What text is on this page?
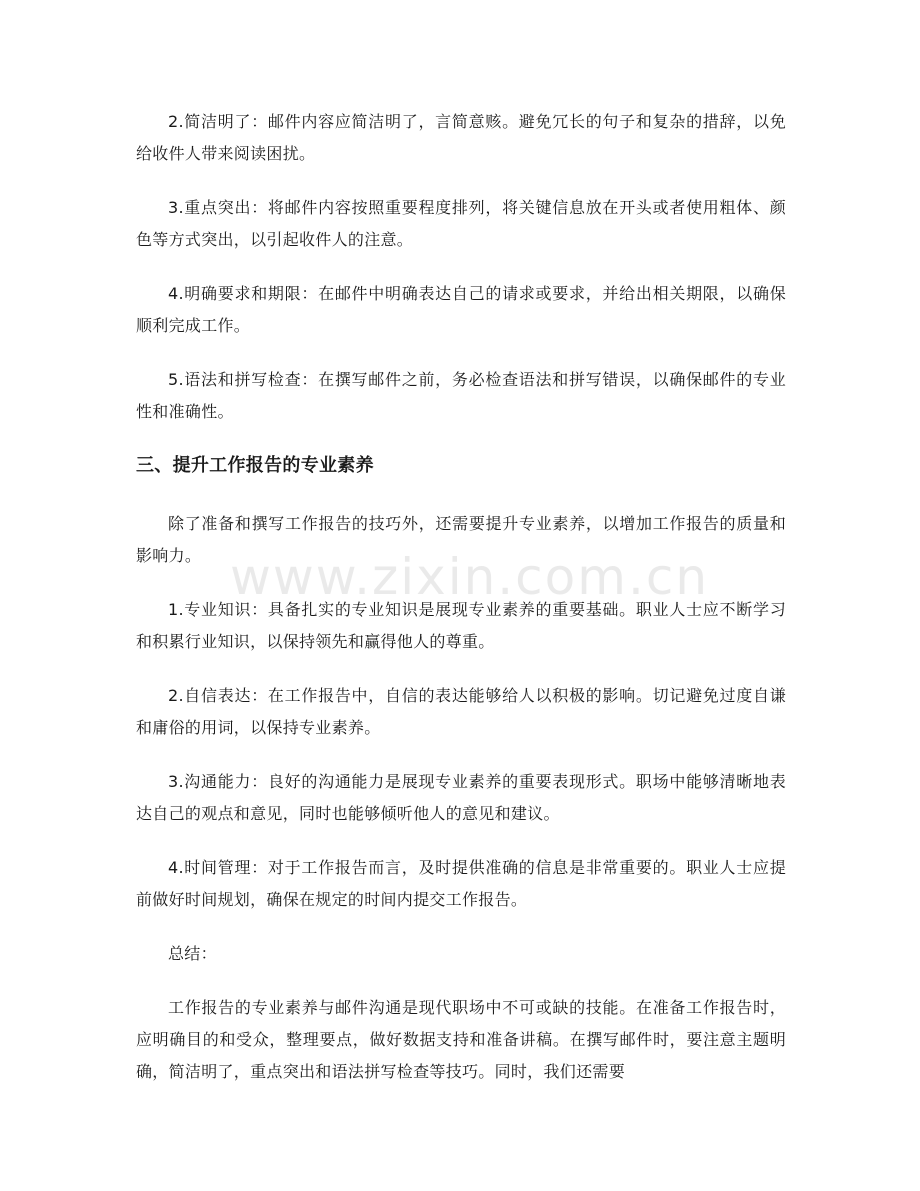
2.简洁明了：邮件内容应简洁明了，言简意赅。避免冗长的句子和复杂的措辞，以免给收件人带来阅读困扰。

3.重点突出：将邮件内容按照重要程度排列，将关键信息放在开头或者使用粗体、颜色等方式突出，以引起收件人的注意。

4.明确要求和期限：在邮件中明确表达自己的请求或要求，并给出相关期限，以确保顺利完成工作。

5.语法和拼写检查：在撰写邮件之前，务必检查语法和拼写错误，以确保邮件的专业性和准确性。

三、提升工作报告的专业素养

除了准备和撰写工作报告的技巧外，还需要提升专业素养，以增加工作报告的质量和影响力。

1.专业知识：具备扎实的专业知识是展现专业素养的重要基础。职业人士应不断学习和积累行业知识，以保持领先和赢得他人的尊重。

2.自信表达：在工作报告中，自信的表达能够给人以积极的影响。切记避免过度自谦和庸俗的用词，以保持专业素养。

3.沟通能力：良好的沟通能力是展现专业素养的重要表现形式。职场中能够清晰地表达自己的观点和意见，同时也能够倾听他人的意见和建议。

4.时间管理：对于工作报告而言，及时提供准确的信息是非常重要的。职业人士应提前做好时间规划，确保在规定的时间内提交工作报告。

总结：

工作报告的专业素养与邮件沟通是现代职场中不可或缺的技能。在准备工作报告时，应明确目的和受众，整理要点，做好数据支持和准备讲稿。在撰写邮件时，要注意主题明确，简洁明了，重点突出和语法拼写检查等技巧。同时，我们还需要

www.zixin.com.cn
